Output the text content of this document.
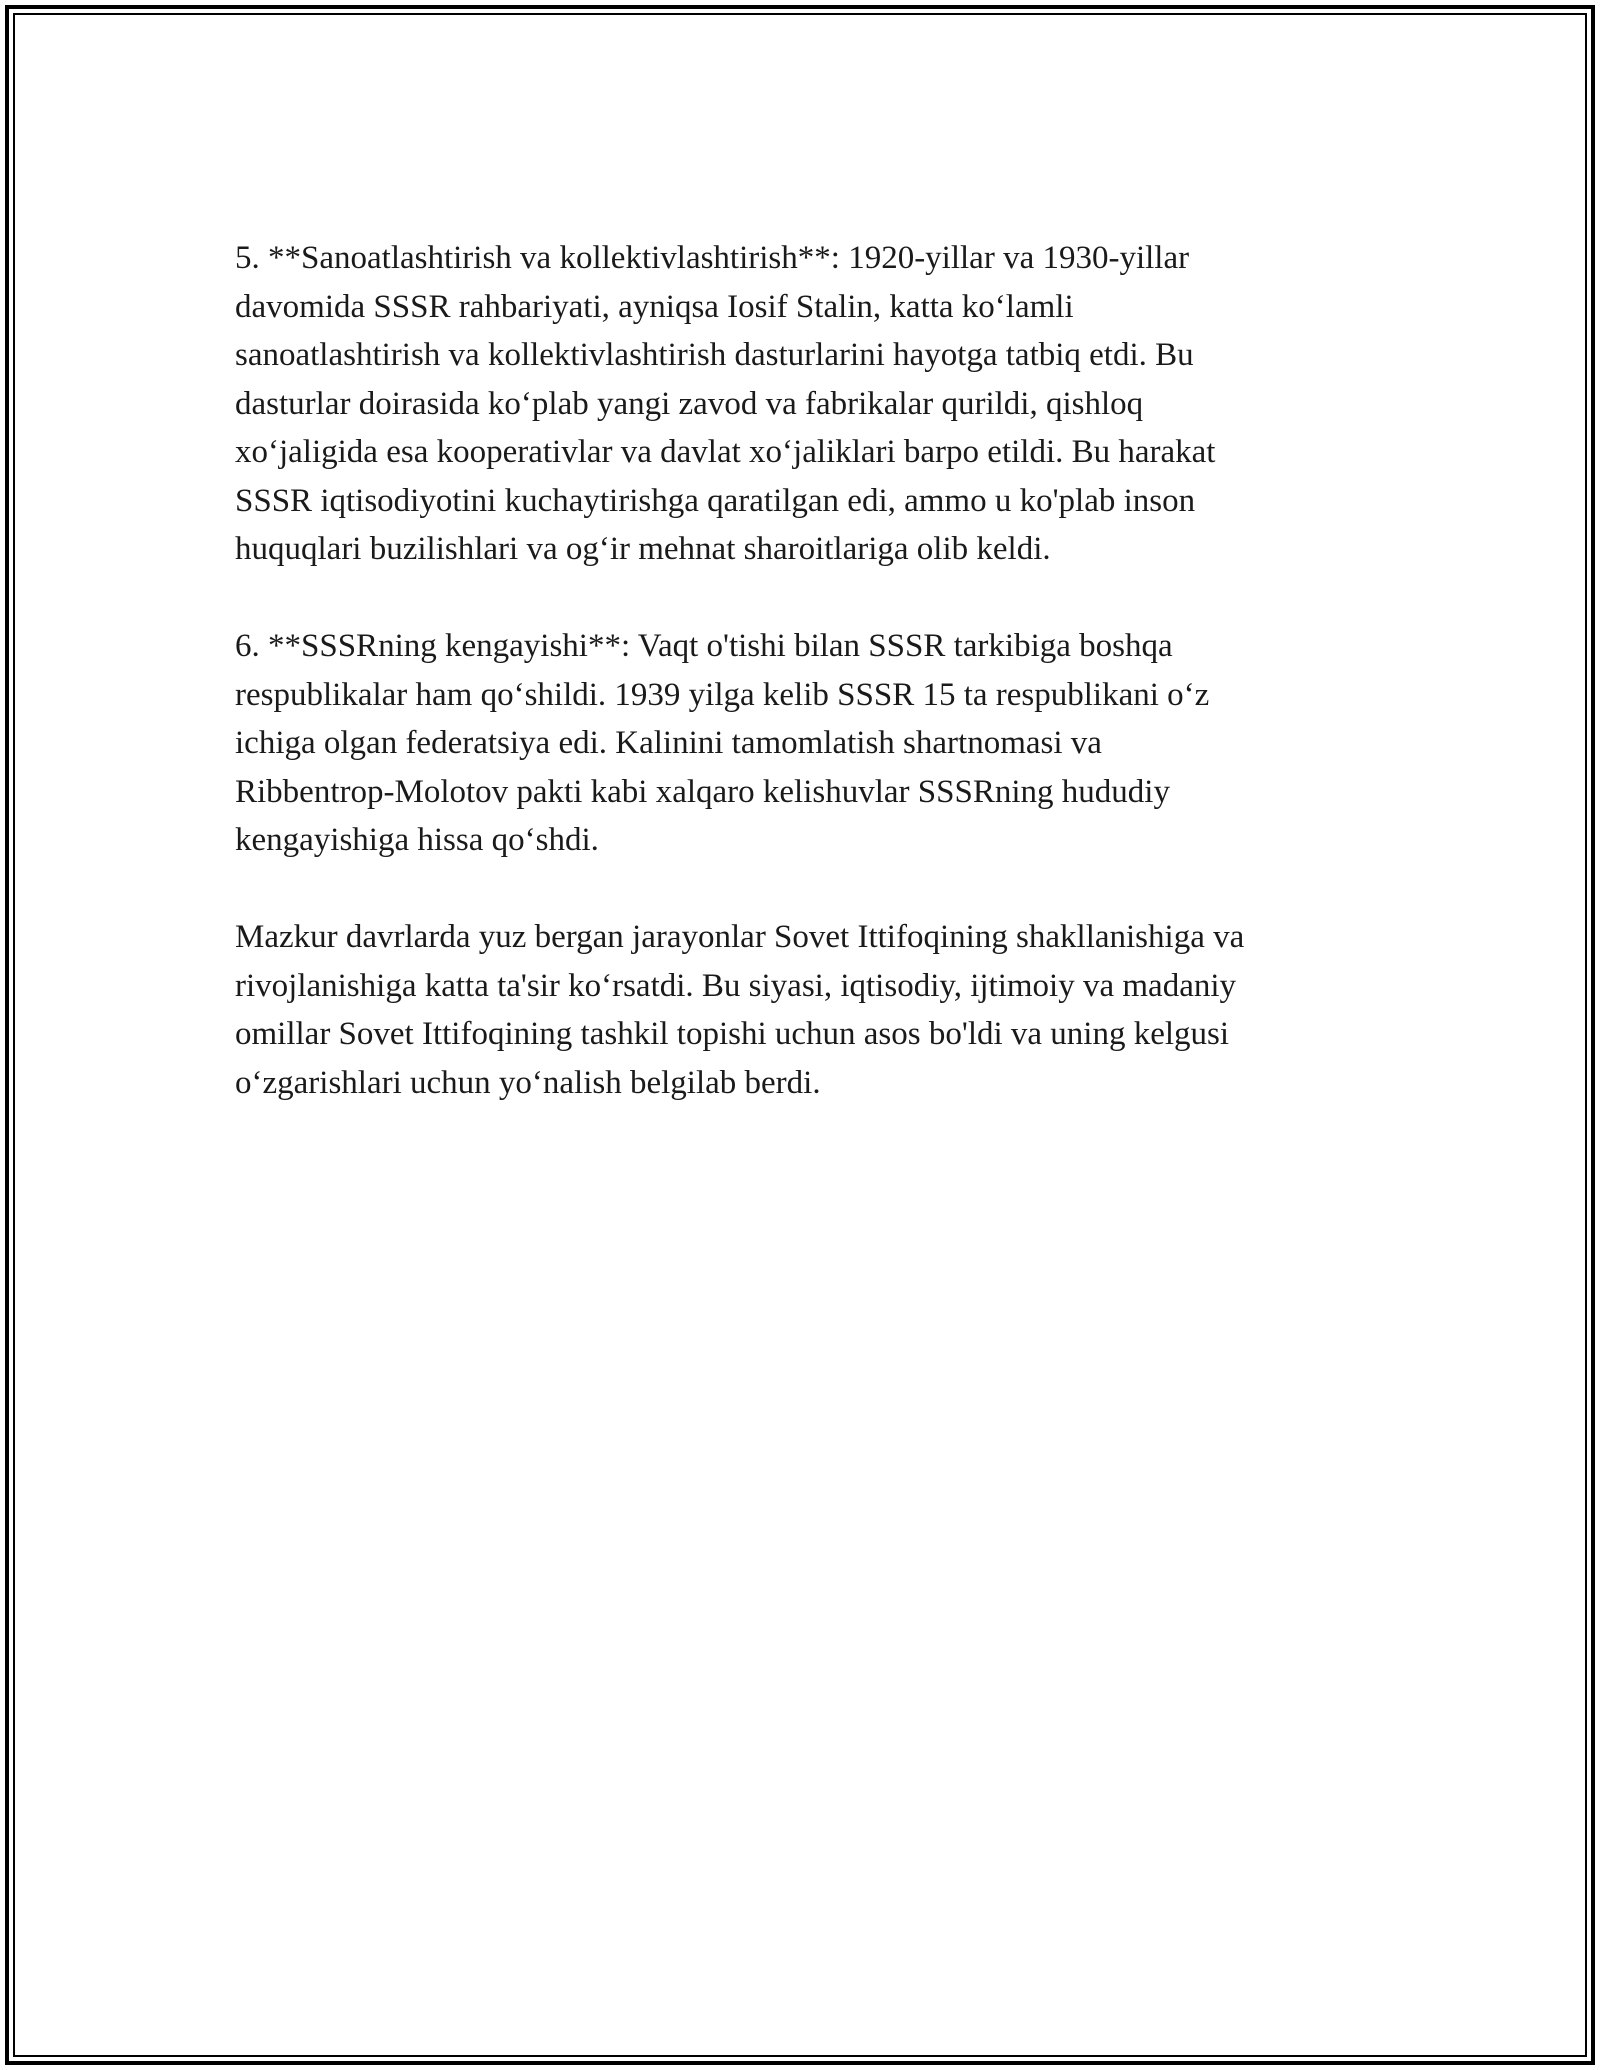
5. **Sanoatlashtirish va kollektivlashtirish**: 1920-yillar va 1930-yillar
davomida SSSR rahbariyati, ayniqsa Iosif Stalin, katta ko‘lamli
sanoatlashtirish va kollektivlashtirish dasturlarini hayotga tatbiq etdi. Bu
dasturlar doirasida ko‘plab yangi zavod va fabrikalar qurildi, qishloq
xo‘jaligida esa kooperativlar va davlat xo‘jaliklari barpo etildi. Bu harakat
SSSR iqtisodiyotini kuchaytirishga qaratilgan edi, ammo u ko'plab inson
huquqlari buzilishlari va og‘ir mehnat sharoitlariga olib keldi.

6. **SSSRning kengayishi**: Vaqt o'tishi bilan SSSR tarkibiga boshqa
respublikalar ham qo‘shildi. 1939 yilga kelib SSSR 15 ta respublikani o‘z
ichiga olgan federatsiya edi. Kalinini tamomlatish shartnomasi va
Ribbentrop-Molotov pakti kabi xalqaro kelishuvlar SSSRning hududiy
kengayishiga hissa qo‘shdi.

Mazkur davrlarda yuz bergan jarayonlar Sovet Ittifoqining shakllanishiga va
rivojlanishiga katta ta'sir ko‘rsatdi. Bu siyasi, iqtisodiy, ijtimoiy va madaniy
omillar Sovet Ittifoqining tashkil topishi uchun asos bo'ldi va uning kelgusi
o‘zgarishlari uchun yo‘nalish belgilab berdi.
